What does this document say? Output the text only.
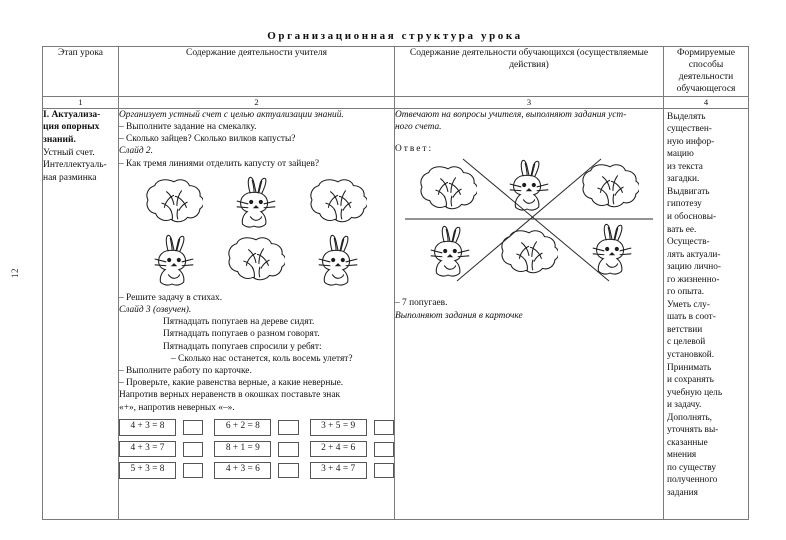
12
Организационная структура урока
Этап урока	Содержание деятельности учителя	Содержание деятельности обучающихся (осуществляемые действия)	Формируемые способы деятельности обучающегося
1	2	3	4

I. Актуализа-
ция опорных
знаний.
Устный счет.
Интеллектуаль-
ная разминка

Организует устный счет с целью актуализации знаний.
– Выполните задание на смекалку.
– Сколько зайцев? Сколько вилков капусты?
Слайд 2.
– Как тремя линиями отделить капусту от зайцев?
– Решите задачу в стихах.
Слайд 3 (озвучен).
Пятнадцать попугаев на дереве сидят.
Пятнадцать попугаев о разном говорят.
Пятнадцать попугаев спросили у ребят:
– Сколько нас останется, коль восемь улетят?
– Выполните работу по карточке.
– Проверьте, какие равенства верные, а какие неверные.
Напротив верных неравенств в окошках поставьте знак
«+», напротив неверных «–».
4 + 3 = 8	6 + 2 = 8	3 + 5 = 9
4 + 3 = 7	8 + 1 = 9	2 + 4 = 6
5 + 3 = 8	4 + 3 = 6	3 + 4 = 7

Отвечают на вопросы учителя, выполняют задания уст-
ного счета.
Ответ:
– 7 попугаев.
Выполняют задания в карточке

Выделять
существен-
ную инфор-
мацию
из текста
загадки.
Выдвигать
гипотезу
и обосновы-
вать ее.
Осуществ-
лять актуали-
зацию лично-
го жизненно-
го опыта.
Уметь слу-
шать в соот-
ветствии
с целевой
установкой.
Принимать
и сохранять
учебную цель
и задачу.
Дополнять,
уточнять вы-
сказанные
мнения
по существу
полученного
задания
